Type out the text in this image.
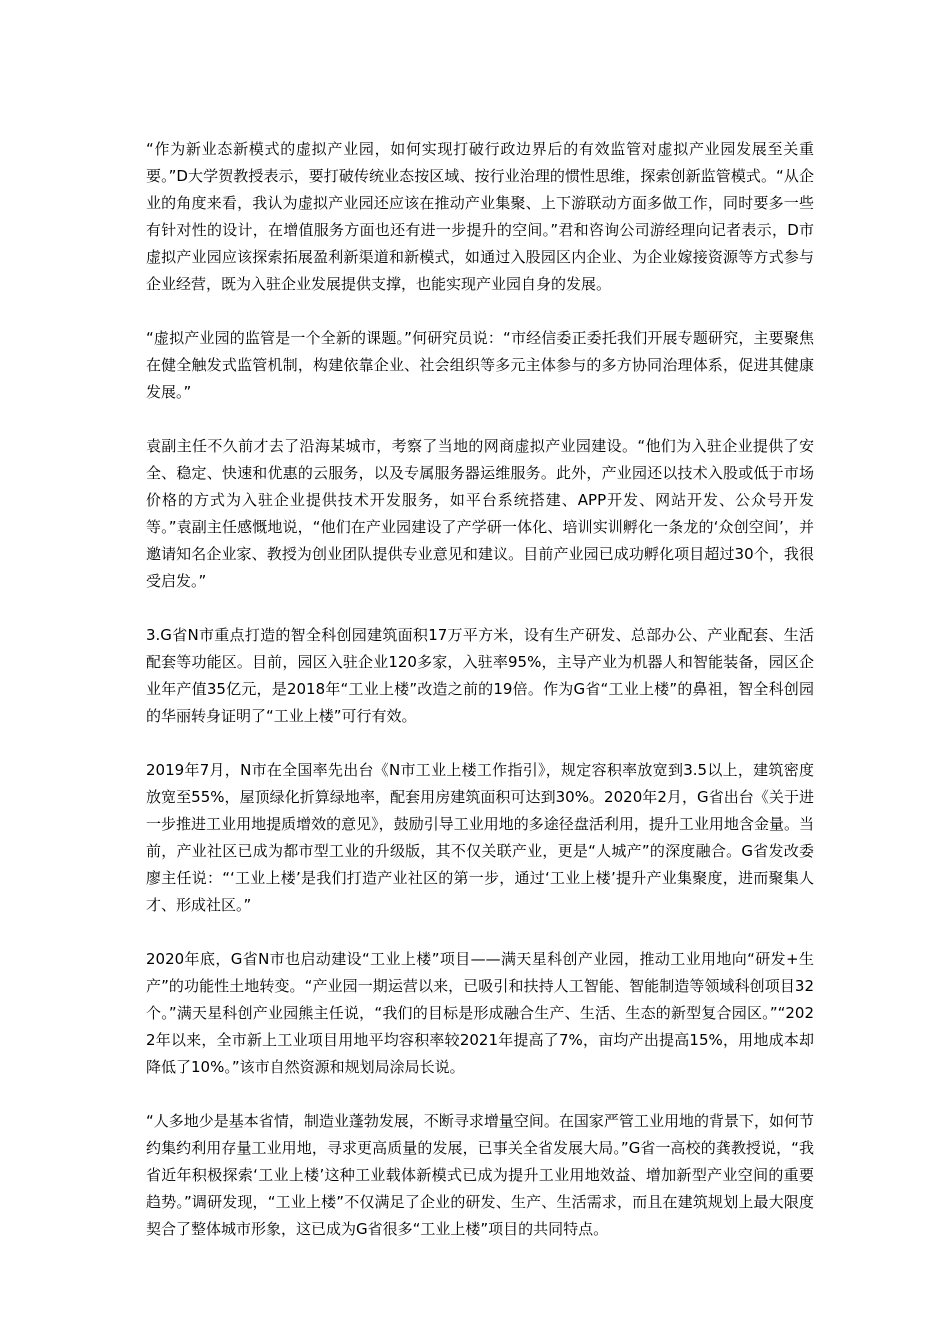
“作为新业态新模式的虚拟产业园，如何实现打破行政边界后的有效监管对虚拟产业园发展至关重要。”D大学贺教授表示，要打破传统业态按区域、按行业治理的惯性思维，探索创新监管模式。“从企业的角度来看，我认为虚拟产业园还应该在推动产业集聚、上下游联动方面多做工作，同时要多一些有针对性的设计，在增值服务方面也还有进一步提升的空间。”君和咨询公司游经理向记者表示，D市虚拟产业园应该探索拓展盈利新渠道和新模式，如通过入股园区内企业、为企业嫁接资源等方式参与企业经营，既为入驻企业发展提供支撑，也能实现产业园自身的发展。

“虚拟产业园的监管是一个全新的课题。”何研究员说：“市经信委正委托我们开展专题研究，主要聚焦在健全触发式监管机制，构建依靠企业、社会组织等多元主体参与的多方协同治理体系，促进其健康发展。”

袁副主任不久前才去了沿海某城市，考察了当地的网商虚拟产业园建设。“他们为入驻企业提供了安全、稳定、快速和优惠的云服务，以及专属服务器运维服务。此外，产业园还以技术入股或低于市场价格的方式为入驻企业提供技术开发服务，如平台系统搭建、APP开发、网站开发、公众号开发等。”袁副主任感慨地说，“他们在产业园建设了产学研一体化、培训实训孵化一条龙的‘众创空间’，并邀请知名企业家、教授为创业团队提供专业意见和建议。目前产业园已成功孵化项目超过30个，我很受启发。”

3.G省N市重点打造的智全科创园建筑面积17万平方米，设有生产研发、总部办公、产业配套、生活配套等功能区。目前，园区入驻企业120多家，入驻率95%，主导产业为机器人和智能装备，园区企业年产值35亿元，是2018年“工业上楼”改造之前的19倍。作为G省“工业上楼”的鼻祖，智全科创园的华丽转身证明了“工业上楼”可行有效。

2019年7月，N市在全国率先出台《N市工业上楼工作指引》，规定容积率放宽到3.5以上，建筑密度放宽至55%，屋顶绿化折算绿地率，配套用房建筑面积可达到30%。2020年2月，G省出台《关于进一步推进工业用地提质增效的意见》，鼓励引导工业用地的多途径盘活利用，提升工业用地含金量。当前，产业社区已成为都市型工业的升级版，其不仅关联产业，更是“人城产”的深度融合。G省发改委廖主任说：“‘工业上楼’是我们打造产业社区的第一步，通过‘工业上楼’提升产业集聚度，进而聚集人才、形成社区。”

2020年底，G省N市也启动建设“工业上楼”项目——满天星科创产业园，推动工业用地向“研发+生产”的功能性土地转变。“产业园一期运营以来，已吸引和扶持人工智能、智能制造等领域科创项目32个。”满天星科创产业园熊主任说，“我们的目标是形成融合生产、生活、生态的新型复合园区。”“2022年以来，全市新上工业项目用地平均容积率较2021年提高了7%，亩均产出提高15%，用地成本却降低了10%。”该市自然资源和规划局涂局长说。

“人多地少是基本省情，制造业蓬勃发展，不断寻求增量空间。在国家严管工业用地的背景下，如何节约集约利用存量工业用地，寻求更高质量的发展，已事关全省发展大局。”G省一高校的龚教授说，“我省近年积极探索‘工业上楼’这种工业载体新模式已成为提升工业用地效益、增加新型产业空间的重要趋势。”调研发现，“工业上楼”不仅满足了企业的研发、生产、生活需求，而且在建筑规划上最大限度契合了整体城市形象，这已成为G省很多“工业上楼”项目的共同特点。
